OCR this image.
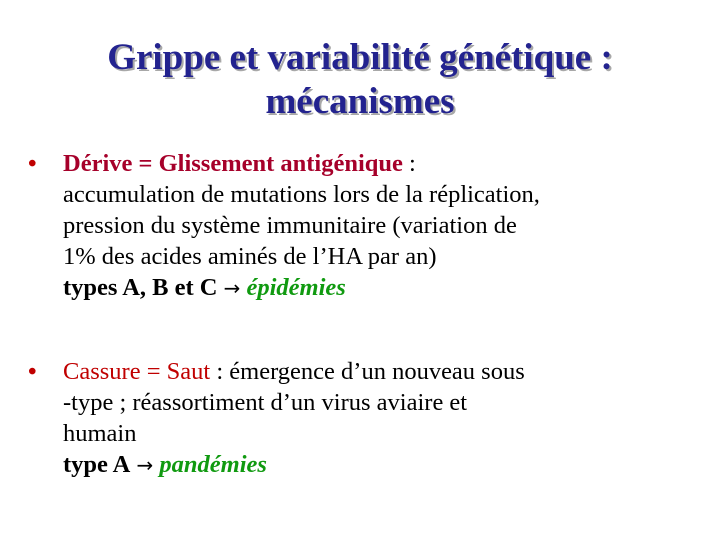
Grippe et variabilité génétique :
mécanismes
•	Dérive = Glissement antigénique :
accumulation de mutations lors de la réplication,
pression du système immunitaire (variation de
1% des acides aminés de l’HA par an)
types A, B et C → épidémies
•	Cassure = Saut : émergence d’un nouveau sous
-type ; réassortiment d’un virus aviaire et
humain
type A → pandémies
